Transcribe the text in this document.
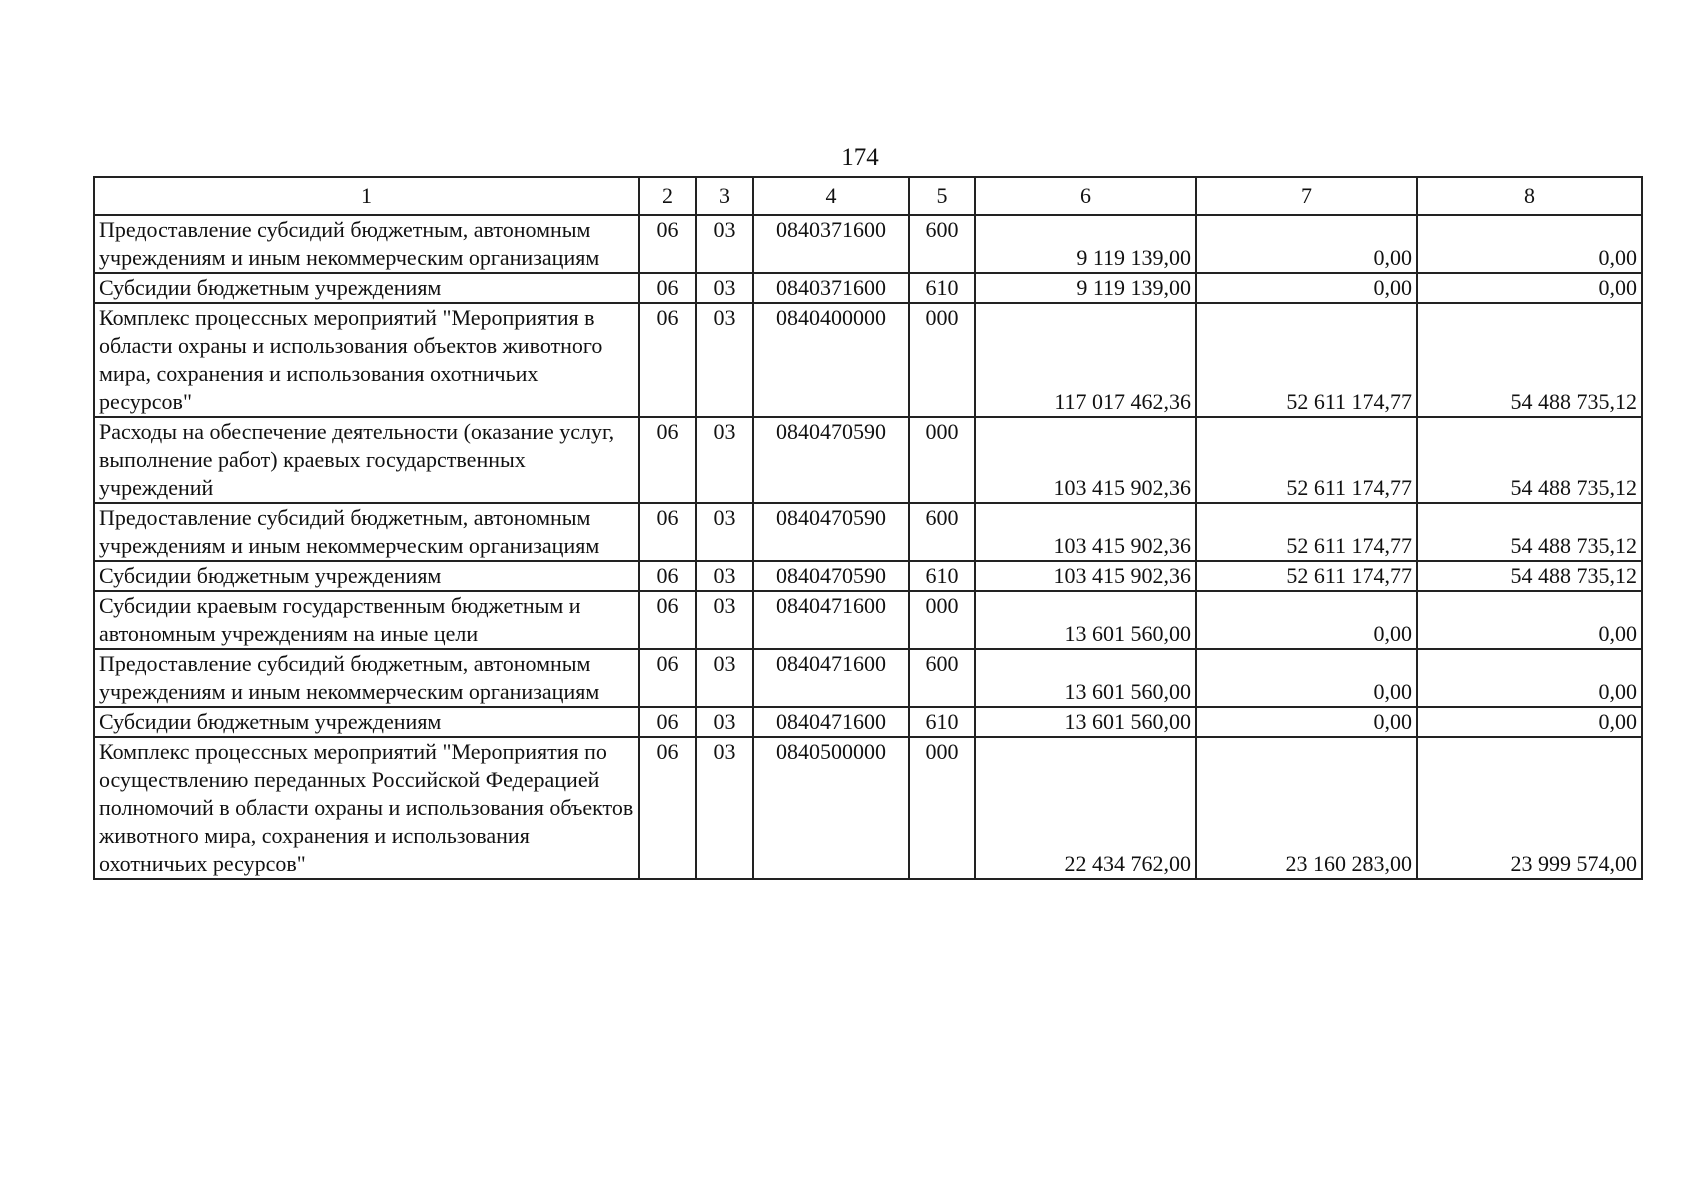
174
1	2	3	4	5	6	7	8
Предоставление субсидий бюджетным, автономным учреждениям и иным некоммерческим организациям	06	03	0840371600	600	9 119 139,00	0,00	0,00
Субсидии бюджетным учреждениям	06	03	0840371600	610	9 119 139,00	0,00	0,00
Комплекс процессных мероприятий "Мероприятия в области охраны и использования объектов животного мира, сохранения и использования охотничьих ресурсов"	06	03	0840400000	000	117 017 462,36	52 611 174,77	54 488 735,12
Расходы на обеспечение деятельности (оказание услуг, выполнение работ) краевых государственных учреждений	06	03	0840470590	000	103 415 902,36	52 611 174,77	54 488 735,12
Предоставление субсидий бюджетным, автономным учреждениям и иным некоммерческим организациям	06	03	0840470590	600	103 415 902,36	52 611 174,77	54 488 735,12
Субсидии бюджетным учреждениям	06	03	0840470590	610	103 415 902,36	52 611 174,77	54 488 735,12
Субсидии краевым государственным бюджетным и автономным учреждениям на иные цели	06	03	0840471600	000	13 601 560,00	0,00	0,00
Предоставление субсидий бюджетным, автономным учреждениям и иным некоммерческим организациям	06	03	0840471600	600	13 601 560,00	0,00	0,00
Субсидии бюджетным учреждениям	06	03	0840471600	610	13 601 560,00	0,00	0,00
Комплекс процессных мероприятий "Мероприятия по осуществлению переданных Российской Федерацией полномочий в области охраны и использования объектов животного мира, сохранения и использования охотничьих ресурсов"	06	03	0840500000	000	22 434 762,00	23 160 283,00	23 999 574,00
